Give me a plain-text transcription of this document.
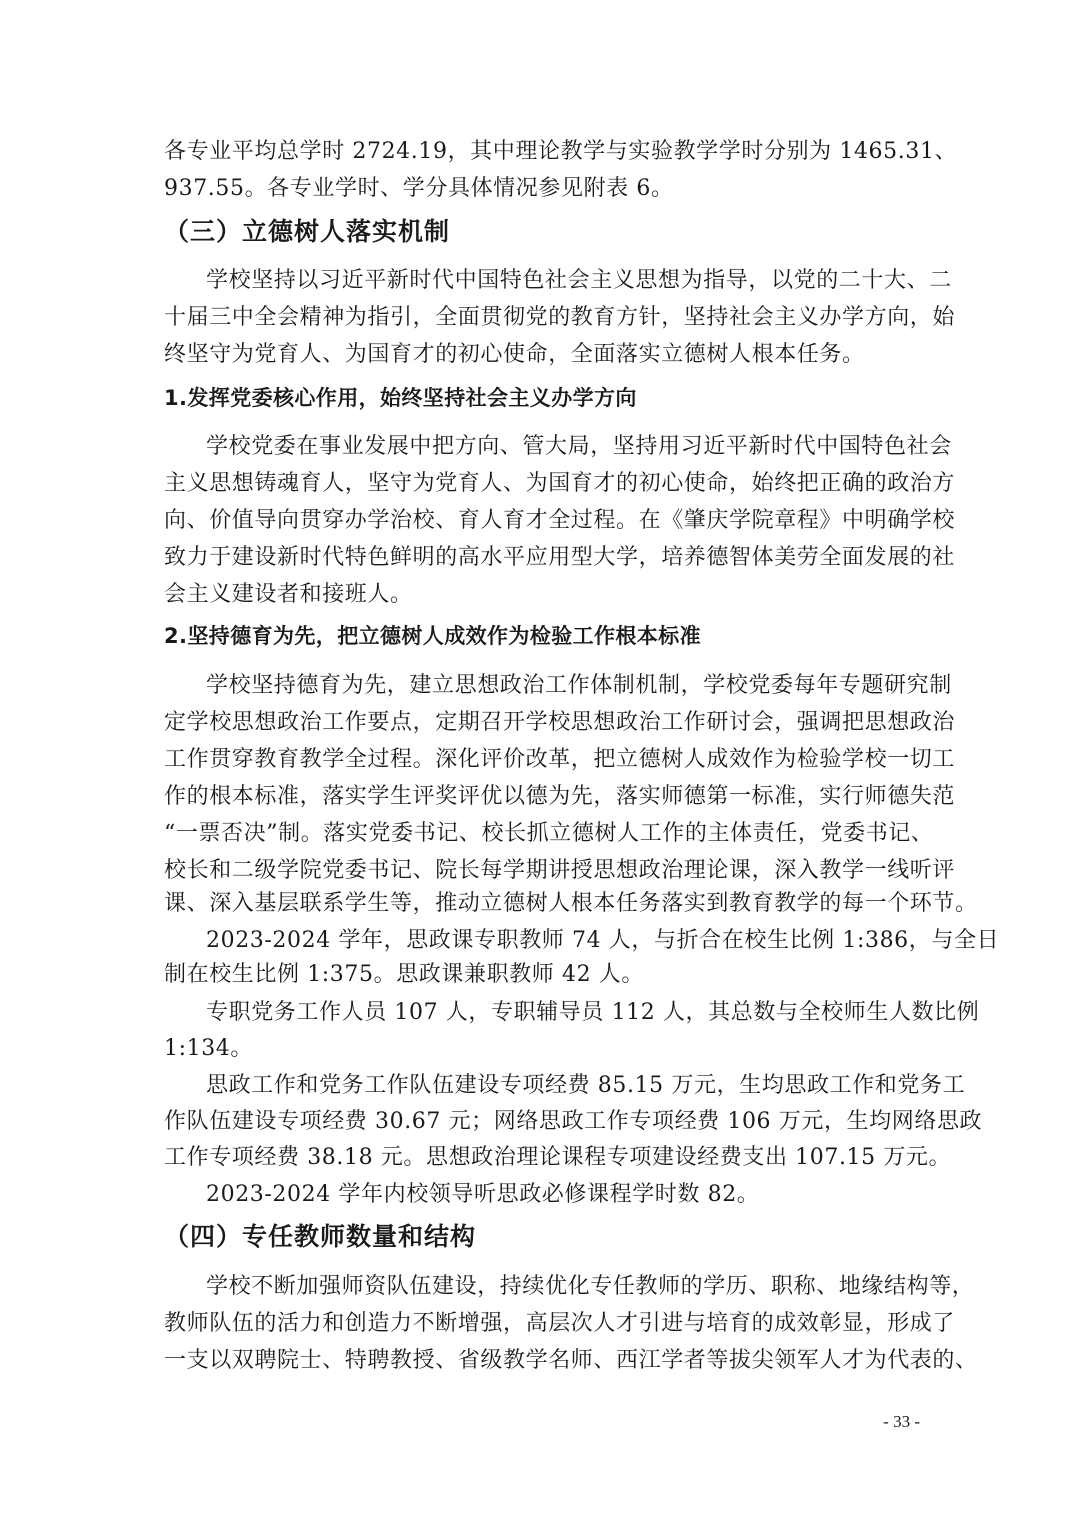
各专业平均总学时 2724.19，其中理论教学与实验教学学时分别为 1465.31、
937.55。各专业学时、学分具体情况参见附表 6。
（三）立德树人落实机制
学校坚持以习近平新时代中国特色社会主义思想为指导，以党的二十大、二
十届三中全会精神为指引，全面贯彻党的教育方针，坚持社会主义办学方向，始
终坚守为党育人、为国育才的初心使命，全面落实立德树人根本任务。
1.发挥党委核心作用，始终坚持社会主义办学方向
学校党委在事业发展中把方向、管大局，坚持用习近平新时代中国特色社会
主义思想铸魂育人，坚守为党育人、为国育才的初心使命，始终把正确的政治方
向、价值导向贯穿办学治校、育人育才全过程。在《肇庆学院章程》中明确学校
致力于建设新时代特色鲜明的高水平应用型大学，培养德智体美劳全面发展的社
会主义建设者和接班人。
2.坚持德育为先，把立德树人成效作为检验工作根本标准
学校坚持德育为先，建立思想政治工作体制机制，学校党委每年专题研究制
定学校思想政治工作要点，定期召开学校思想政治工作研讨会，强调把思想政治
工作贯穿教育教学全过程。深化评价改革，把立德树人成效作为检验学校一切工
作的根本标准，落实学生评奖评优以德为先，落实师德第一标准，实行师德失范
“一票否决”制。落实党委书记、校长抓立德树人工作的主体责任，党委书记、
校长和二级学院党委书记、院长每学期讲授思想政治理论课，深入教学一线听评
课、深入基层联系学生等，推动立德树人根本任务落实到教育教学的每一个环节。
2023-2024 学年，思政课专职教师 74 人，与折合在校生比例 1:386，与全日
制在校生比例 1:375。思政课兼职教师 42 人。
专职党务工作人员 107 人，专职辅导员 112 人，其总数与全校师生人数比例
1:134。
思政工作和党务工作队伍建设专项经费 85.15 万元，生均思政工作和党务工
作队伍建设专项经费 30.67 元；网络思政工作专项经费 106 万元，生均网络思政
工作专项经费 38.18 元。思想政治理论课程专项建设经费支出 107.15 万元。
2023-2024 学年内校领导听思政必修课程学时数 82。
（四）专任教师数量和结构
学校不断加强师资队伍建设，持续优化专任教师的学历、职称、地缘结构等，
教师队伍的活力和创造力不断增强，高层次人才引进与培育的成效彰显，形成了
一支以双聘院士、特聘教授、省级教学名师、西江学者等拔尖领军人才为代表的、
- 33 -
